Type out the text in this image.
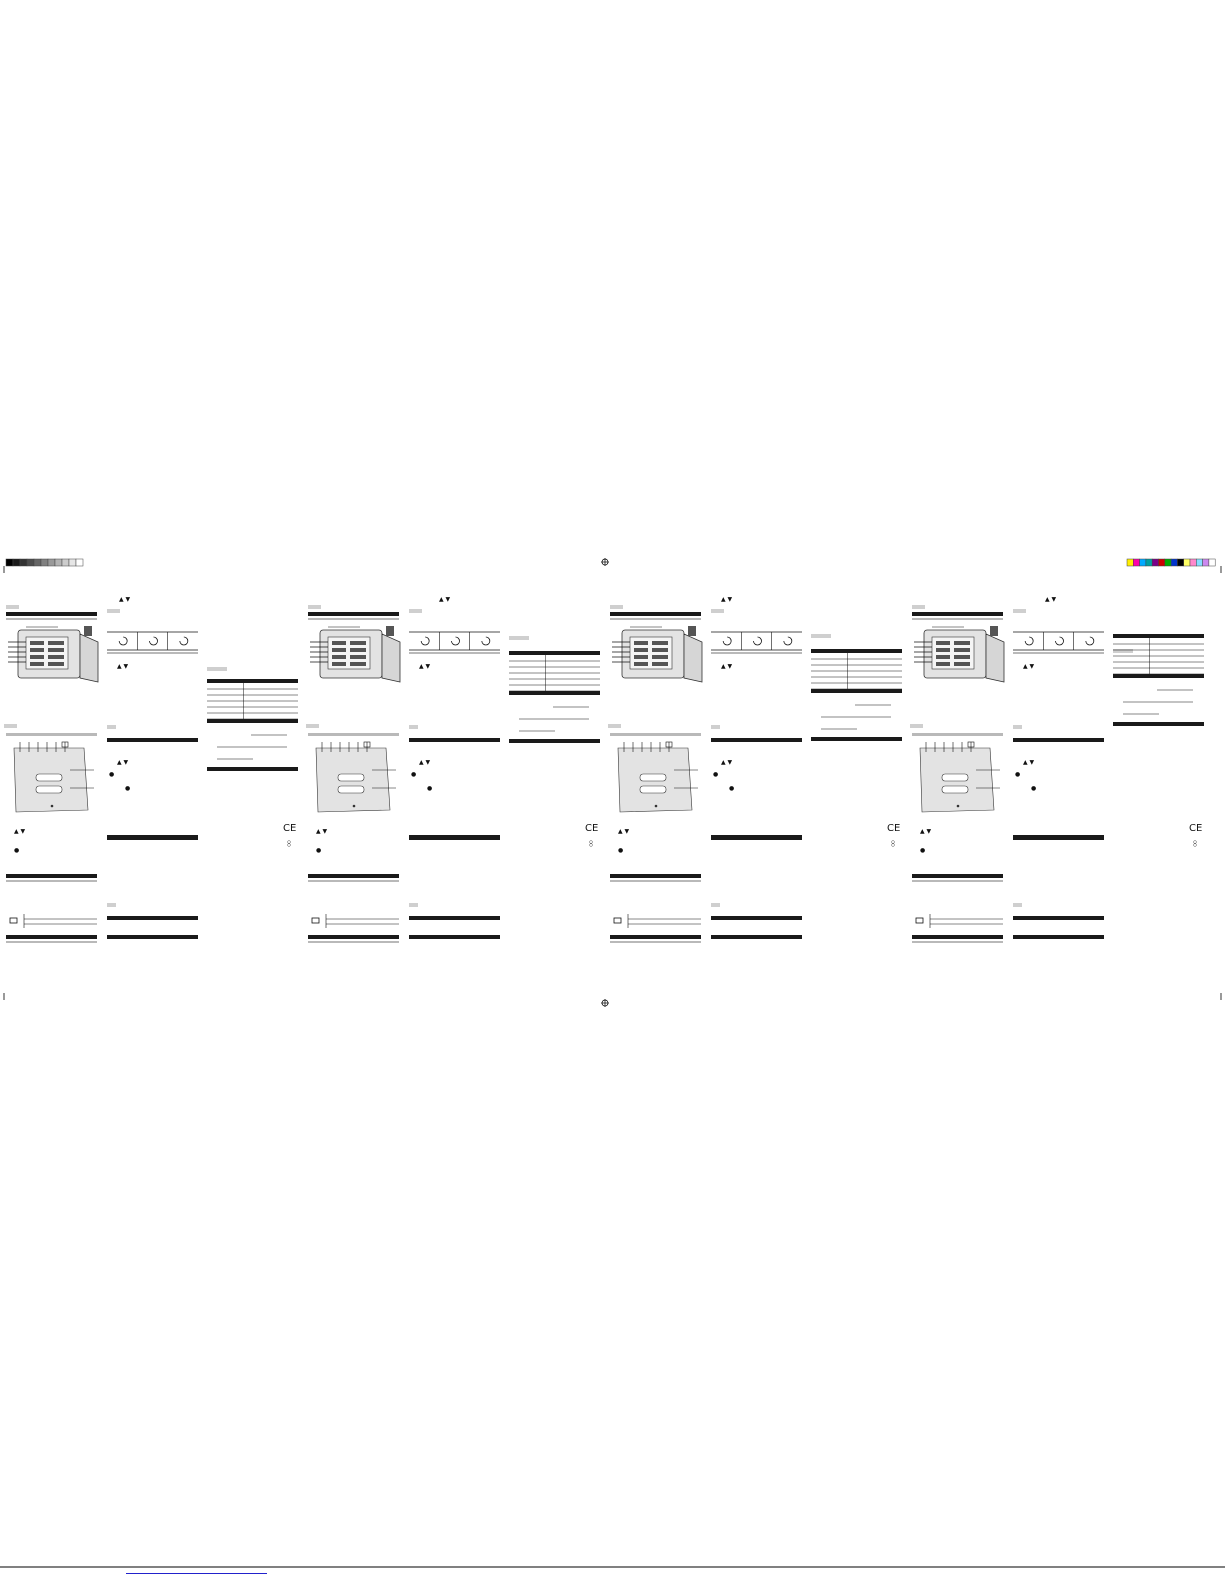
▲ ▼
●
▲ ▼
▲ ▼
▲ ▼
●
●
CE	▲ ▼
●
▲ ▼
▲ ▼
▲ ▼
●
●
CE	▲ ▼
●
▲ ▼
▲ ▼
▲ ▼
●
●
CE	▲ ▼
●
▲ ▼
▲ ▼
▲ ▼
●
●
CE
